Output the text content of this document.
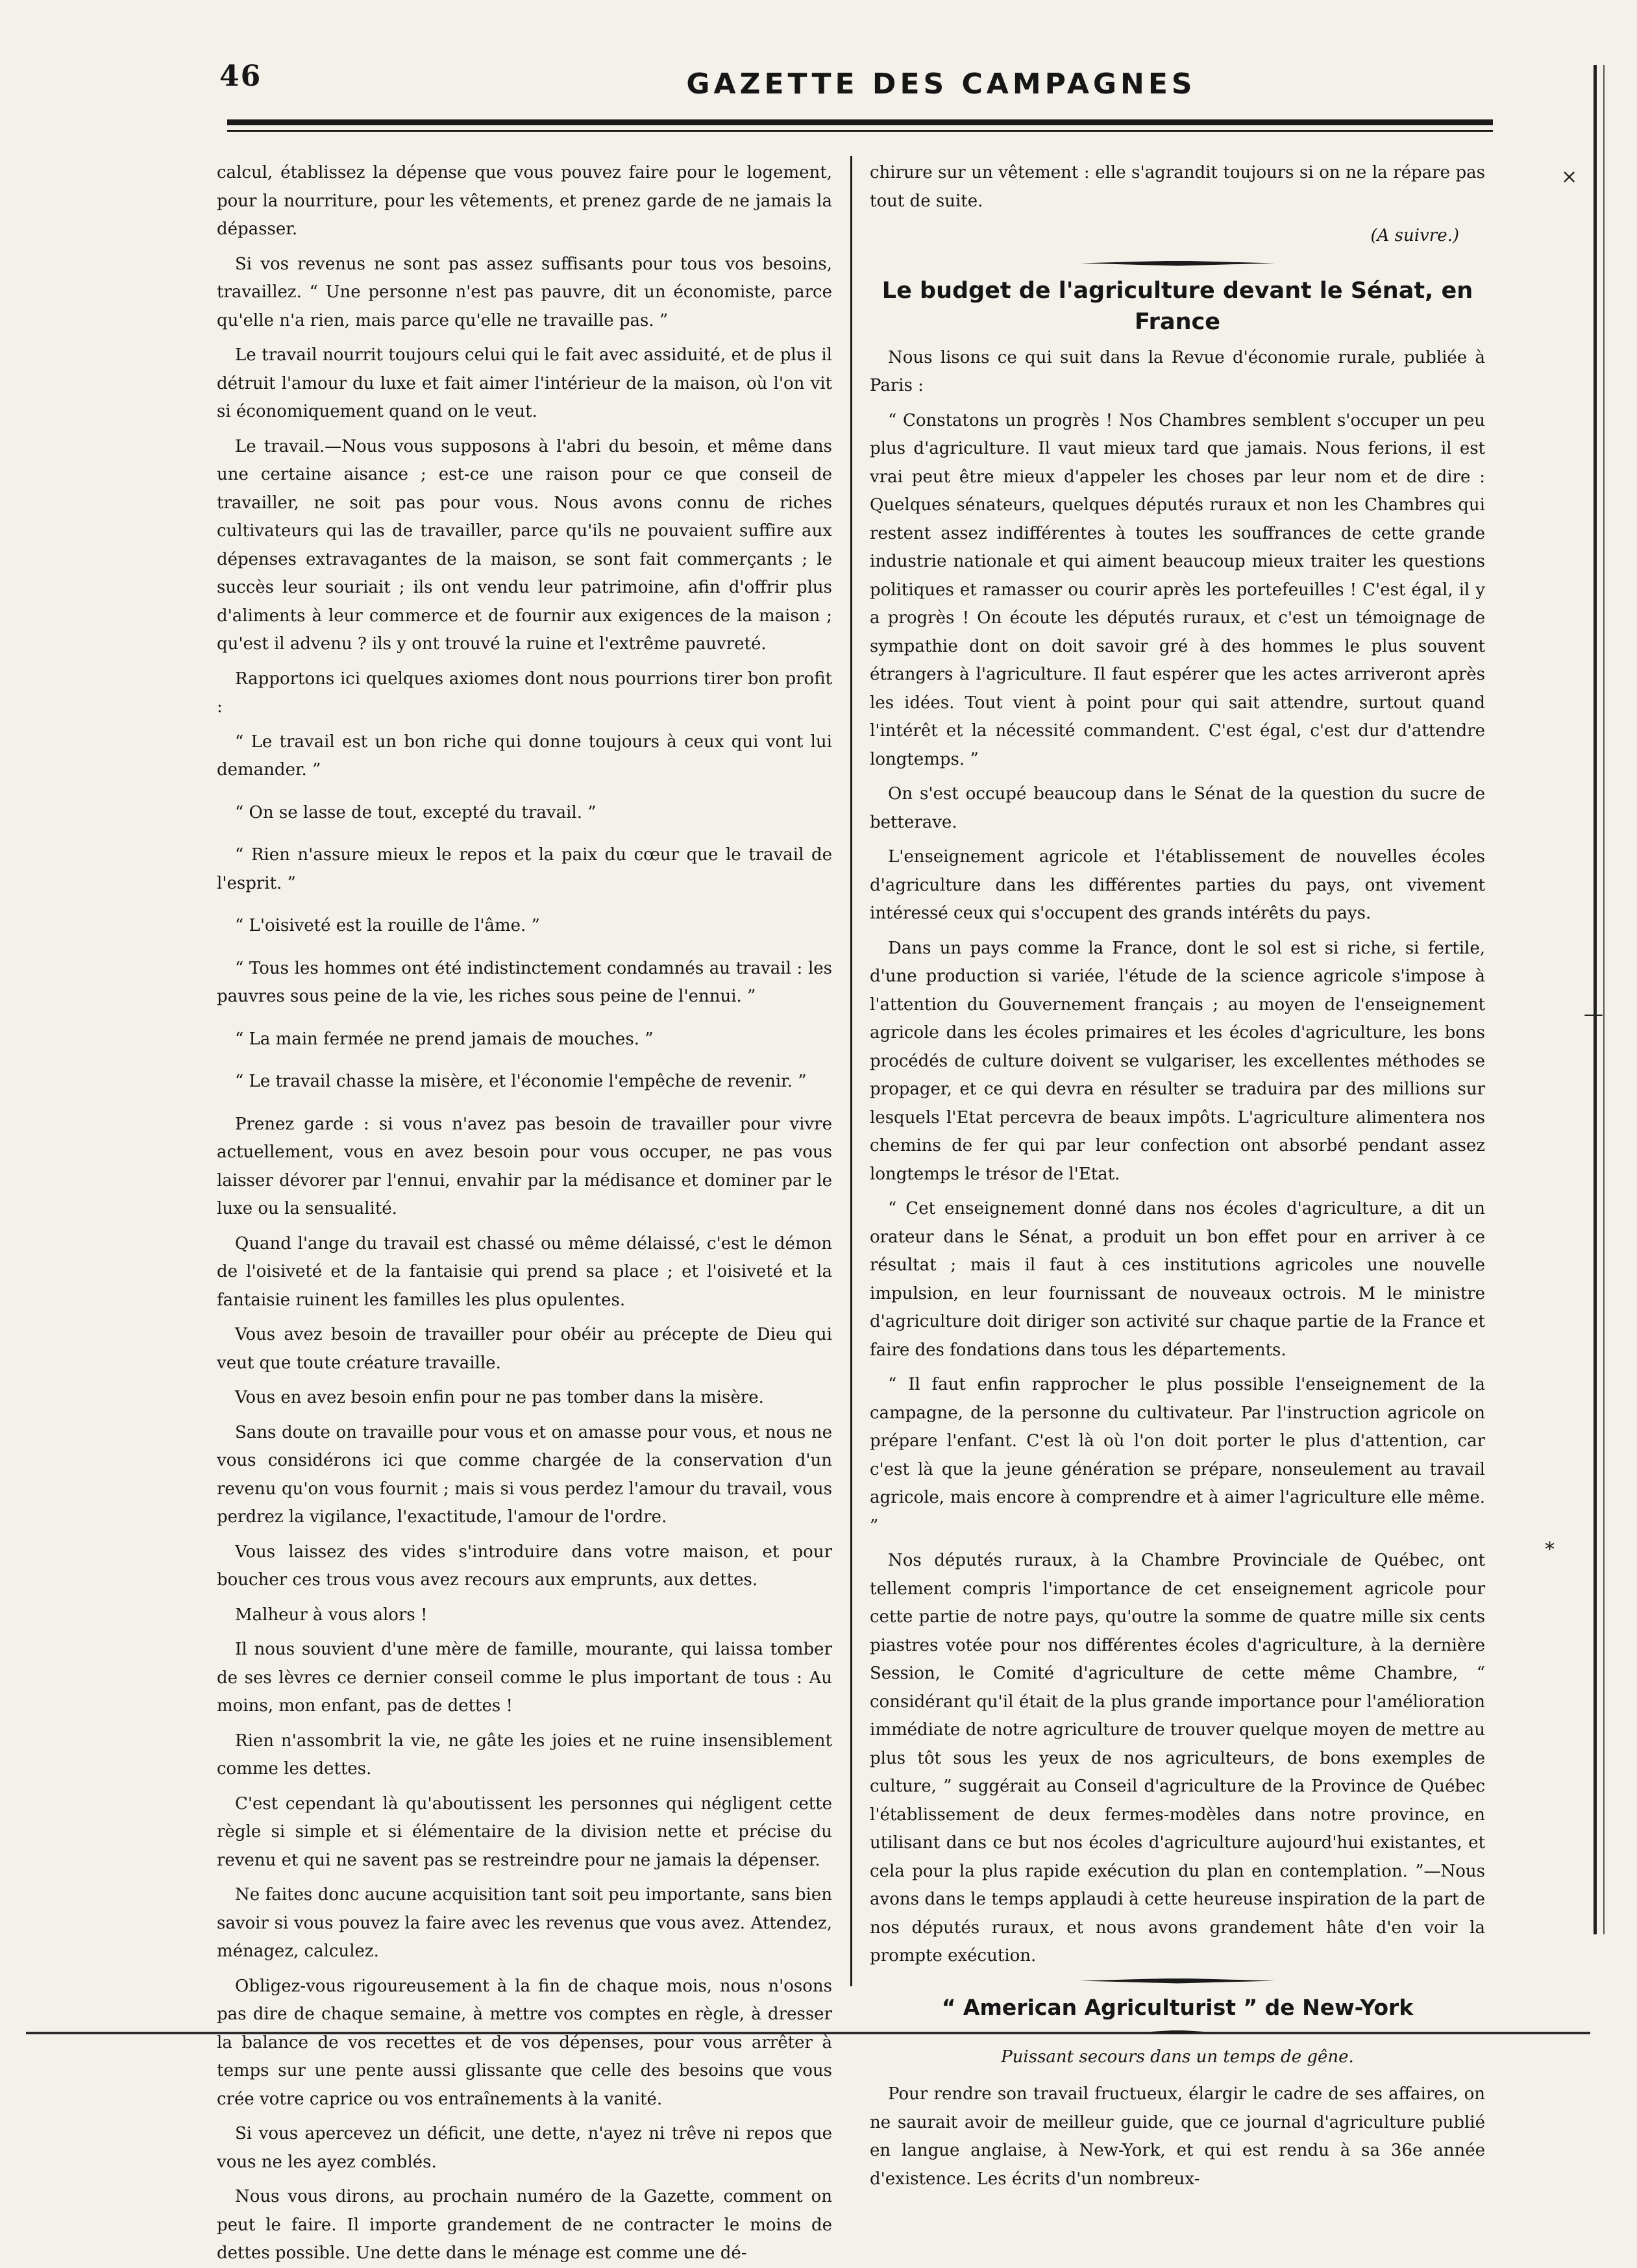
46	GAZETTE DES CAMPAGNES
×
—
*

calcul, établissez la dépense que vous pouvez faire pour le logement, pour la nourriture, pour les vêtements, et prenez garde de ne jamais la dépasser.

Si vos revenus ne sont pas assez suffisants pour tous vos besoins, travaillez. “ Une personne n'est pas pauvre, dit un économiste, parce qu'elle n'a rien, mais parce qu'elle ne travaille pas. ”

Le travail nourrit toujours celui qui le fait avec assiduité, et de plus il détruit l'amour du luxe et fait aimer l'intérieur de la maison, où l'on vit si économiquement quand on le veut.

Le travail.—Nous vous supposons à l'abri du besoin, et même dans une certaine aisance ; est-ce une raison pour ce que conseil de travailler, ne soit pas pour vous. Nous avons connu de riches cultivateurs qui las de travailler, parce qu'ils ne pouvaient suffire aux dépenses extravagantes de la maison, se sont fait commerçants ; le succès leur souriait ; ils ont vendu leur patrimoine, afin d'offrir plus d'aliments à leur commerce et de fournir aux exigences de la maison ; qu'est il advenu ? ils y ont trouvé la ruine et l'extrême pauvreté.

Rapportons ici quelques axiomes dont nous pourrions tirer bon profit :

“ Le travail est un bon riche qui donne toujours à ceux qui vont lui demander. ”

“ On se lasse de tout, excepté du travail. ”

“ Rien n'assure mieux le repos et la paix du cœur que le travail de l'esprit. ”

“ L'oisiveté est la rouille de l'âme. ”

“ Tous les hommes ont été indistinctement condamnés au travail : les pauvres sous peine de la vie, les riches sous peine de l'ennui. ”

“ La main fermée ne prend jamais de mouches. ”

“ Le travail chasse la misère, et l'économie l'empêche de revenir. ”

Prenez garde : si vous n'avez pas besoin de travailler pour vivre actuellement, vous en avez besoin pour vous occuper, ne pas vous laisser dévorer par l'ennui, envahir par la médisance et dominer par le luxe ou la sensualité.

Quand l'ange du travail est chassé ou même délaissé, c'est le démon de l'oisiveté et de la fantaisie qui prend sa place ; et l'oisiveté et la fantaisie ruinent les familles les plus opulentes.

Vous avez besoin de travailler pour obéir au précepte de Dieu qui veut que toute créature travaille.

Vous en avez besoin enfin pour ne pas tomber dans la misère.

Sans doute on travaille pour vous et on amasse pour vous, et nous ne vous considérons ici que comme chargée de la conservation d'un revenu qu'on vous fournit ; mais si vous perdez l'amour du travail, vous perdrez la vigilance, l'exactitude, l'amour de l'ordre.

Vous laissez des vides s'introduire dans votre maison, et pour boucher ces trous vous avez recours aux emprunts, aux dettes.

Malheur à vous alors !

Il nous souvient d'une mère de famille, mourante, qui laissa tomber de ses lèvres ce dernier conseil comme le plus important de tous : Au moins, mon enfant, pas de dettes !

Rien n'assombrit la vie, ne gâte les joies et ne ruine insensiblement comme les dettes.

C'est cependant là qu'aboutissent les personnes qui négligent cette règle si simple et si élémentaire de la division nette et précise du revenu et qui ne savent pas se restreindre pour ne jamais la dépenser.

Ne faites donc aucune acquisition tant soit peu importante, sans bien savoir si vous pouvez la faire avec les revenus que vous avez. Attendez, ménagez, calculez.

Obligez-vous rigoureusement à la fin de chaque mois, nous n'osons pas dire de chaque semaine, à mettre vos comptes en règle, à dresser la balance de vos recettes et de vos dépenses, pour vous arrêter à temps sur une pente aussi glissante que celle des besoins que vous crée votre caprice ou vos entraînements à la vanité.

Si vous apercevez un déficit, une dette, n'ayez ni trêve ni repos que vous ne les ayez comblés.

Nous vous dirons, au prochain numéro de la Gazette, comment on peut le faire. Il importe grandement de ne contracter le moins de dettes possible. Une dette dans le ménage est comme une dé-

chirure sur un vêtement : elle s'agrandit toujours si on ne la répare pas tout de suite.

(A suivre.)

Le budget de l'agriculture devant le Sénat, en France

Nous lisons ce qui suit dans la Revue d'économie rurale, publiée à Paris :

“ Constatons un progrès ! Nos Chambres semblent s'occuper un peu plus d'agriculture. Il vaut mieux tard que jamais. Nous ferions, il est vrai peut être mieux d'appeler les choses par leur nom et de dire : Quelques sénateurs, quelques députés ruraux et non les Chambres qui restent assez indifférentes à toutes les souffrances de cette grande industrie nationale et qui aiment beaucoup mieux traiter les questions politiques et ramasser ou courir après les portefeuilles ! C'est égal, il y a progrès ! On écoute les députés ruraux, et c'est un témoignage de sympathie dont on doit savoir gré à des hommes le plus souvent étrangers à l'agriculture. Il faut espérer que les actes arriveront après les idées. Tout vient à point pour qui sait attendre, surtout quand l'intérêt et la nécessité commandent. C'est égal, c'est dur d'attendre longtemps. ”

On s'est occupé beaucoup dans le Sénat de la question du sucre de betterave.

L'enseignement agricole et l'établissement de nouvelles écoles d'agriculture dans les différentes parties du pays, ont vivement intéressé ceux qui s'occupent des grands intérêts du pays.

Dans un pays comme la France, dont le sol est si riche, si fertile, d'une production si variée, l'étude de la science agricole s'impose à l'attention du Gouvernement français ; au moyen de l'enseignement agricole dans les écoles primaires et les écoles d'agriculture, les bons procédés de culture doivent se vulgariser, les excellentes méthodes se propager, et ce qui devra en résulter se traduira par des millions sur lesquels l'Etat percevra de beaux impôts. L'agriculture alimentera nos chemins de fer qui par leur confection ont absorbé pendant assez longtemps le trésor de l'Etat.

“ Cet enseignement donné dans nos écoles d'agriculture, a dit un orateur dans le Sénat, a produit un bon effet pour en arriver à ce résultat ; mais il faut à ces institutions agricoles une nouvelle impulsion, en leur fournissant de nouveaux octrois. M le ministre d'agriculture doit diriger son activité sur chaque partie de la France et faire des fondations dans tous les départements.

“ Il faut enfin rapprocher le plus possible l'enseignement de la campagne, de la personne du cultivateur. Par l'instruction agricole on prépare l'enfant. C'est là où l'on doit porter le plus d'attention, car c'est là que la jeune génération se prépare, nonseulement au travail agricole, mais encore à comprendre et à aimer l'agriculture elle même. ”

Nos députés ruraux, à la Chambre Provinciale de Québec, ont tellement compris l'importance de cet enseignement agricole pour cette partie de notre pays, qu'outre la somme de quatre mille six cents piastres votée pour nos différentes écoles d'agriculture, à la dernière Session, le Comité d'agriculture de cette même Chambre, “ considérant qu'il était de la plus grande importance pour l'amélioration immédiate de notre agriculture de trouver quelque moyen de mettre au plus tôt sous les yeux de nos agriculteurs, de bons exemples de culture, ” suggérait au Conseil d'agriculture de la Province de Québec l'établissement de deux fermes-modèles dans notre province, en utilisant dans ce but nos écoles d'agriculture aujourd'hui existantes, et cela pour la plus rapide exécution du plan en contemplation. ”—Nous avons dans le temps applaudi à cette heureuse inspiration de la part de nos députés ruraux, et nous avons grandement hâte d'en voir la prompte exécution.

“ American Agriculturist ” de New-York

Puissant secours dans un temps de gêne.

Pour rendre son travail fructueux, élargir le cadre de ses affaires, on ne saurait avoir de meilleur guide, que ce journal d'agriculture publié en langue anglaise, à New-York, et qui est rendu à sa 36e année d'existence. Les écrits d'un nombreux-
